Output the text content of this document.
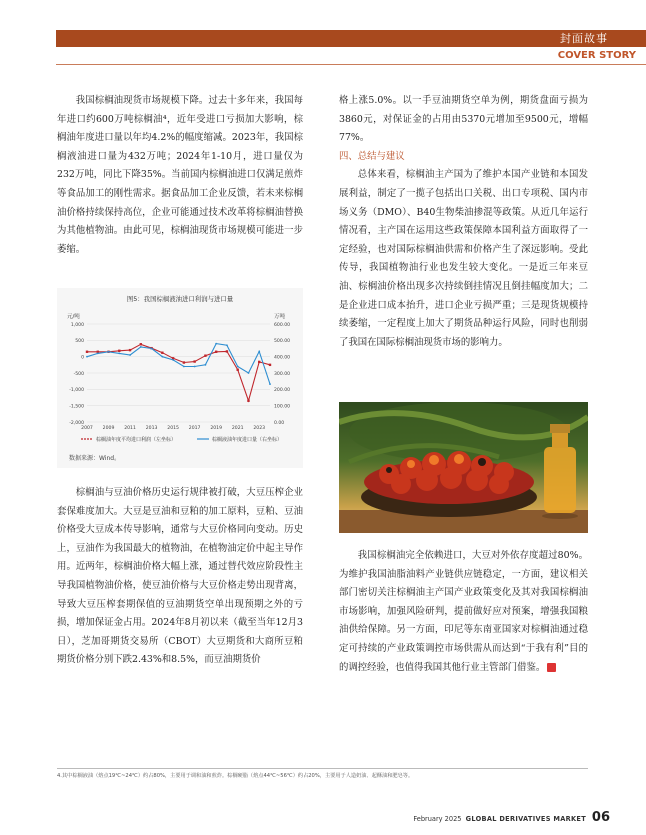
封面故事
COVER STORY

我国棕榈油现货市场规模下降。过去十多年来，我国每年进口约600万吨棕榈油⁴，近年受进口亏损加大影响，棕榈油年度进口量以年均4.2%的幅度缩减。2023年，我国棕榈液油进口量为432万吨；2024年1-10月，进口量仅为232万吨，同比下降35%。当前国内棕榈油进口仅满足煎炸等食品加工的刚性需求。据食品加工企业反馈，若未来棕榈油价格持续保持高位，企业可能通过技术改革将棕榈油替换为其他植物油。由此可见，棕榈油现货市场规模可能进一步萎缩。

图5：我国棕榈液油进口利润与进口量
元/吨	万吨
1,000
500
0
-500
-1,000
-1,500
-2,000
600.00
500.00
400.00
300.00
200.00
100.00
0.00
2007 2009 2011 2013 2015 2017 2019 2021 2023
棕榈油年度平均进口利润（左坐标）	棕榈液油年度进口量（右坐标）
数据来源：Wind。

棕榈油与豆油价格历史运行规律被打破，大豆压榨企业套保难度加大。大豆是豆油和豆粕的加工原料，豆粕、豆油价格受大豆成本传导影响，通常与大豆价格同向变动。历史上，豆油作为我国最大的植物油，在植物油定价中起主导作用。近两年，棕榈油价格大幅上涨，通过替代效应阶段性主导我国植物油价格，使豆油价格与大豆价格走势出现背离，导致大豆压榨套期保值的豆油期货空单出现预期之外的亏损，增加保证金占用。2024年8月初以来（截至当年12月3日），芝加哥期货交易所（CBOT）大豆期货和大商所豆粕期货价格分别下跌2.43%和8.5%，而豆油期货价

格上涨5.0%。以一手豆油期货空单为例，期货盘面亏损为3860元，对保证金的占用由5370元增加至9500元，增幅77%。

四、总结与建议

总体来看，棕榈油主产国为了维护本国产业链和本国发展利益，制定了一揽子包括出口关税、出口专项税、国内市场义务（DMO）、B40生物柴油掺混等政策。从近几年运行情况看，主产国在运用这些政策保障本国利益方面取得了一定经验，也对国际棕榈油供需和价格产生了深远影响。受此传导，我国植物油行业也发生较大变化。一是近三年来豆油、棕榈油价格出现多次持续倒挂情况且倒挂幅度加大；二是企业进口成本抬升，进口企业亏损严重；三是现货规模持续萎缩，一定程度上加大了期货品种运行风险，同时也削弱了我国在国际棕榈油现货市场的影响力。

我国棕榈油完全依赖进口，大豆对外依存度超过80%。为维护我国油脂油料产业链供应链稳定，一方面，建议相关部门密切关注棕榈油主产国产业政策变化及其对我国棕榈油市场影响，加强风险研判，提前做好应对预案，增强我国粮油供给保障。另一方面，印尼等东南亚国家对棕榈油通过稳定可持续的产业政策调控市场供需从而达到“于我有利”目的的调控经验，也值得我国其他行业主管部门借鉴。	♻

4.其中棕榈液油（熔点19℃~24℃）约占80%，主要用于调和油和煎炸。棕榈硬脂（熔点44℃~56℃）约占20%，主要用于人造奶油、起酥油和肥皂等。
February 2025 GLOBAL DERIVATIVES MARKET 06
